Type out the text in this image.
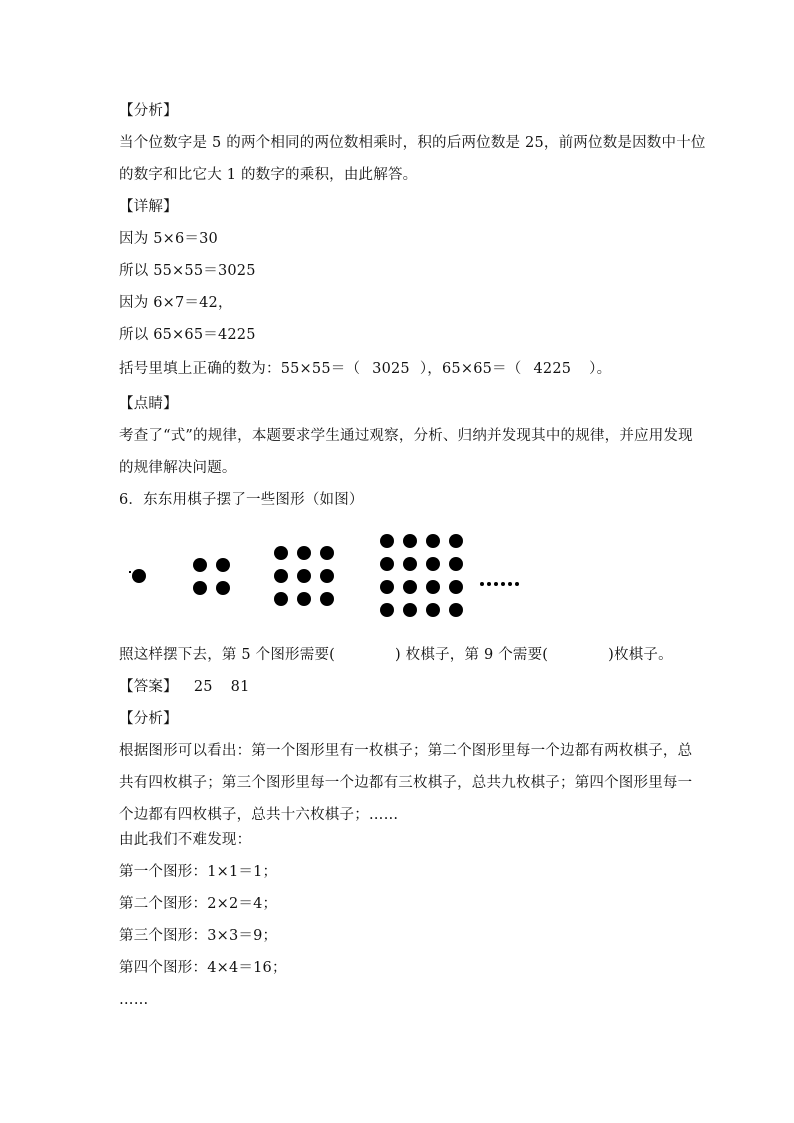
【分析】
当个位数字是 5 的两个相同的两位数相乘时，积的后两位数是 25，前两位数是因数中十位
的数字和比它大 1 的数字的乘积，由此解答。
【详解】
因为 5×6＝30
所以 55×55＝3025
因为 6×7＝42，
所以 65×65＝4225
括号里填上正确的数为：55×55＝（ 3025 ），65×65＝（ 4225 ）。
【点睛】
考查了“式”的规律，本题要求学生通过观察，分析、归纳并发现其中的规律，并应用发现
的规律解决问题。
6．东东用棋子摆了一些图形（如图）
照这样摆下去，第 5 个图形需要(	) 枚棋子，第 9 个需要(	)枚棋子。
【答案】 25 81
【分析】
根据图形可以看出：第一个图形里有一枚棋子；第二个图形里每一个边都有两枚棋子，总
共有四枚棋子；第三个图形里每一个边都有三枚棋子，总共九枚棋子；第四个图形里每一
个边都有四枚棋子，总共十六枚棋子；……
由此我们不难发现：
第一个图形：1×1＝1；
第二个图形：2×2＝4；
第三个图形：3×3＝9；
第四个图形：4×4＝16；
……
